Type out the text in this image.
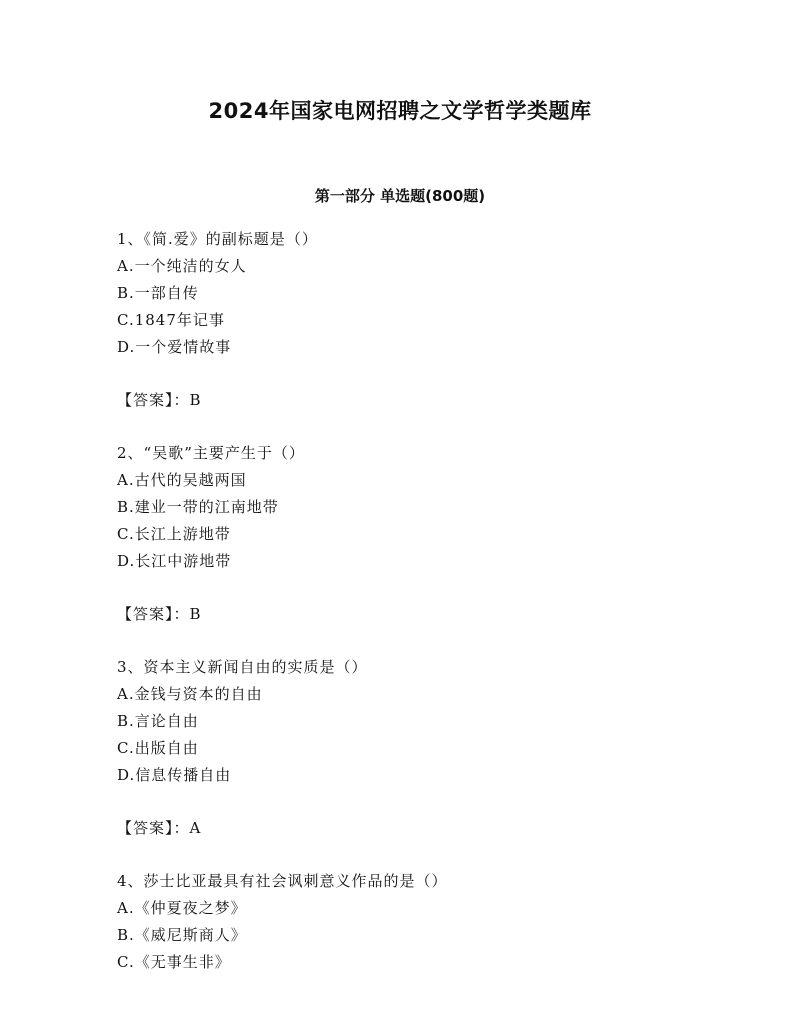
2024年国家电网招聘之文学哲学类题库
第一部分 单选题(800题)
1、《简.爱》的副标题是（）
A.一个纯洁的女人
B.一部自传
C.1847年记事
D.一个爱情故事
【答案】：B
2、“吴歌”主要产生于（）
A.古代的吴越两国
B.建业一带的江南地带
C.长江上游地带
D.长江中游地带
【答案】：B
3、资本主义新闻自由的实质是（）
A.金钱与资本的自由
B.言论自由
C.出版自由
D.信息传播自由
【答案】：A
4、莎士比亚最具有社会讽刺意义作品的是（）
A.《仲夏夜之梦》
B.《威尼斯商人》
C.《无事生非》
